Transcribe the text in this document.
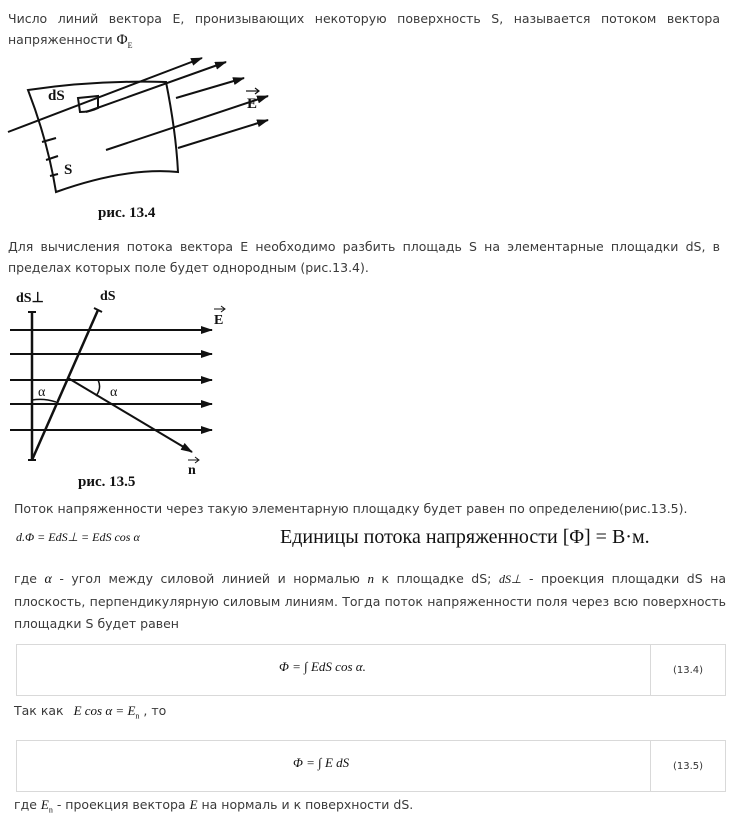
Число линий вектора E, пронизывающих некоторую поверхность S, называется потоком вектора напряженности $\Phi_E$
dS
S
E
рис. 13.4
Для вычисления потока вектора E необходимо разбить площадь S на элементарные площадки dS, в пределах которых поле будет однородным (рис.13.4).
dS⊥	dS
E
α	α
n
рис. 13.5
Поток напряженности через такую элементарную площадку будет равен по определению(рис.13.5).
d.Φ = EdS⊥ = EdS cos α	Единицы потока напряженности [Φ] = В·м.
где α - угол между силовой линией и нормалью n к площадке dS; dS⊥ - проекция площадки dS на плоскость, перпендикулярную силовым линиям. Тогда поток напряженности поля через всю поверхность площадки S будет равен
Φ = ∫ EdS cos α.	(13.4)
Так как E $\cos \alpha = E_n$ , то
Φ = ∫ E dS	(13.5)
где $E_n$ - проекция вектора E на нормаль и к поверхности dS.
